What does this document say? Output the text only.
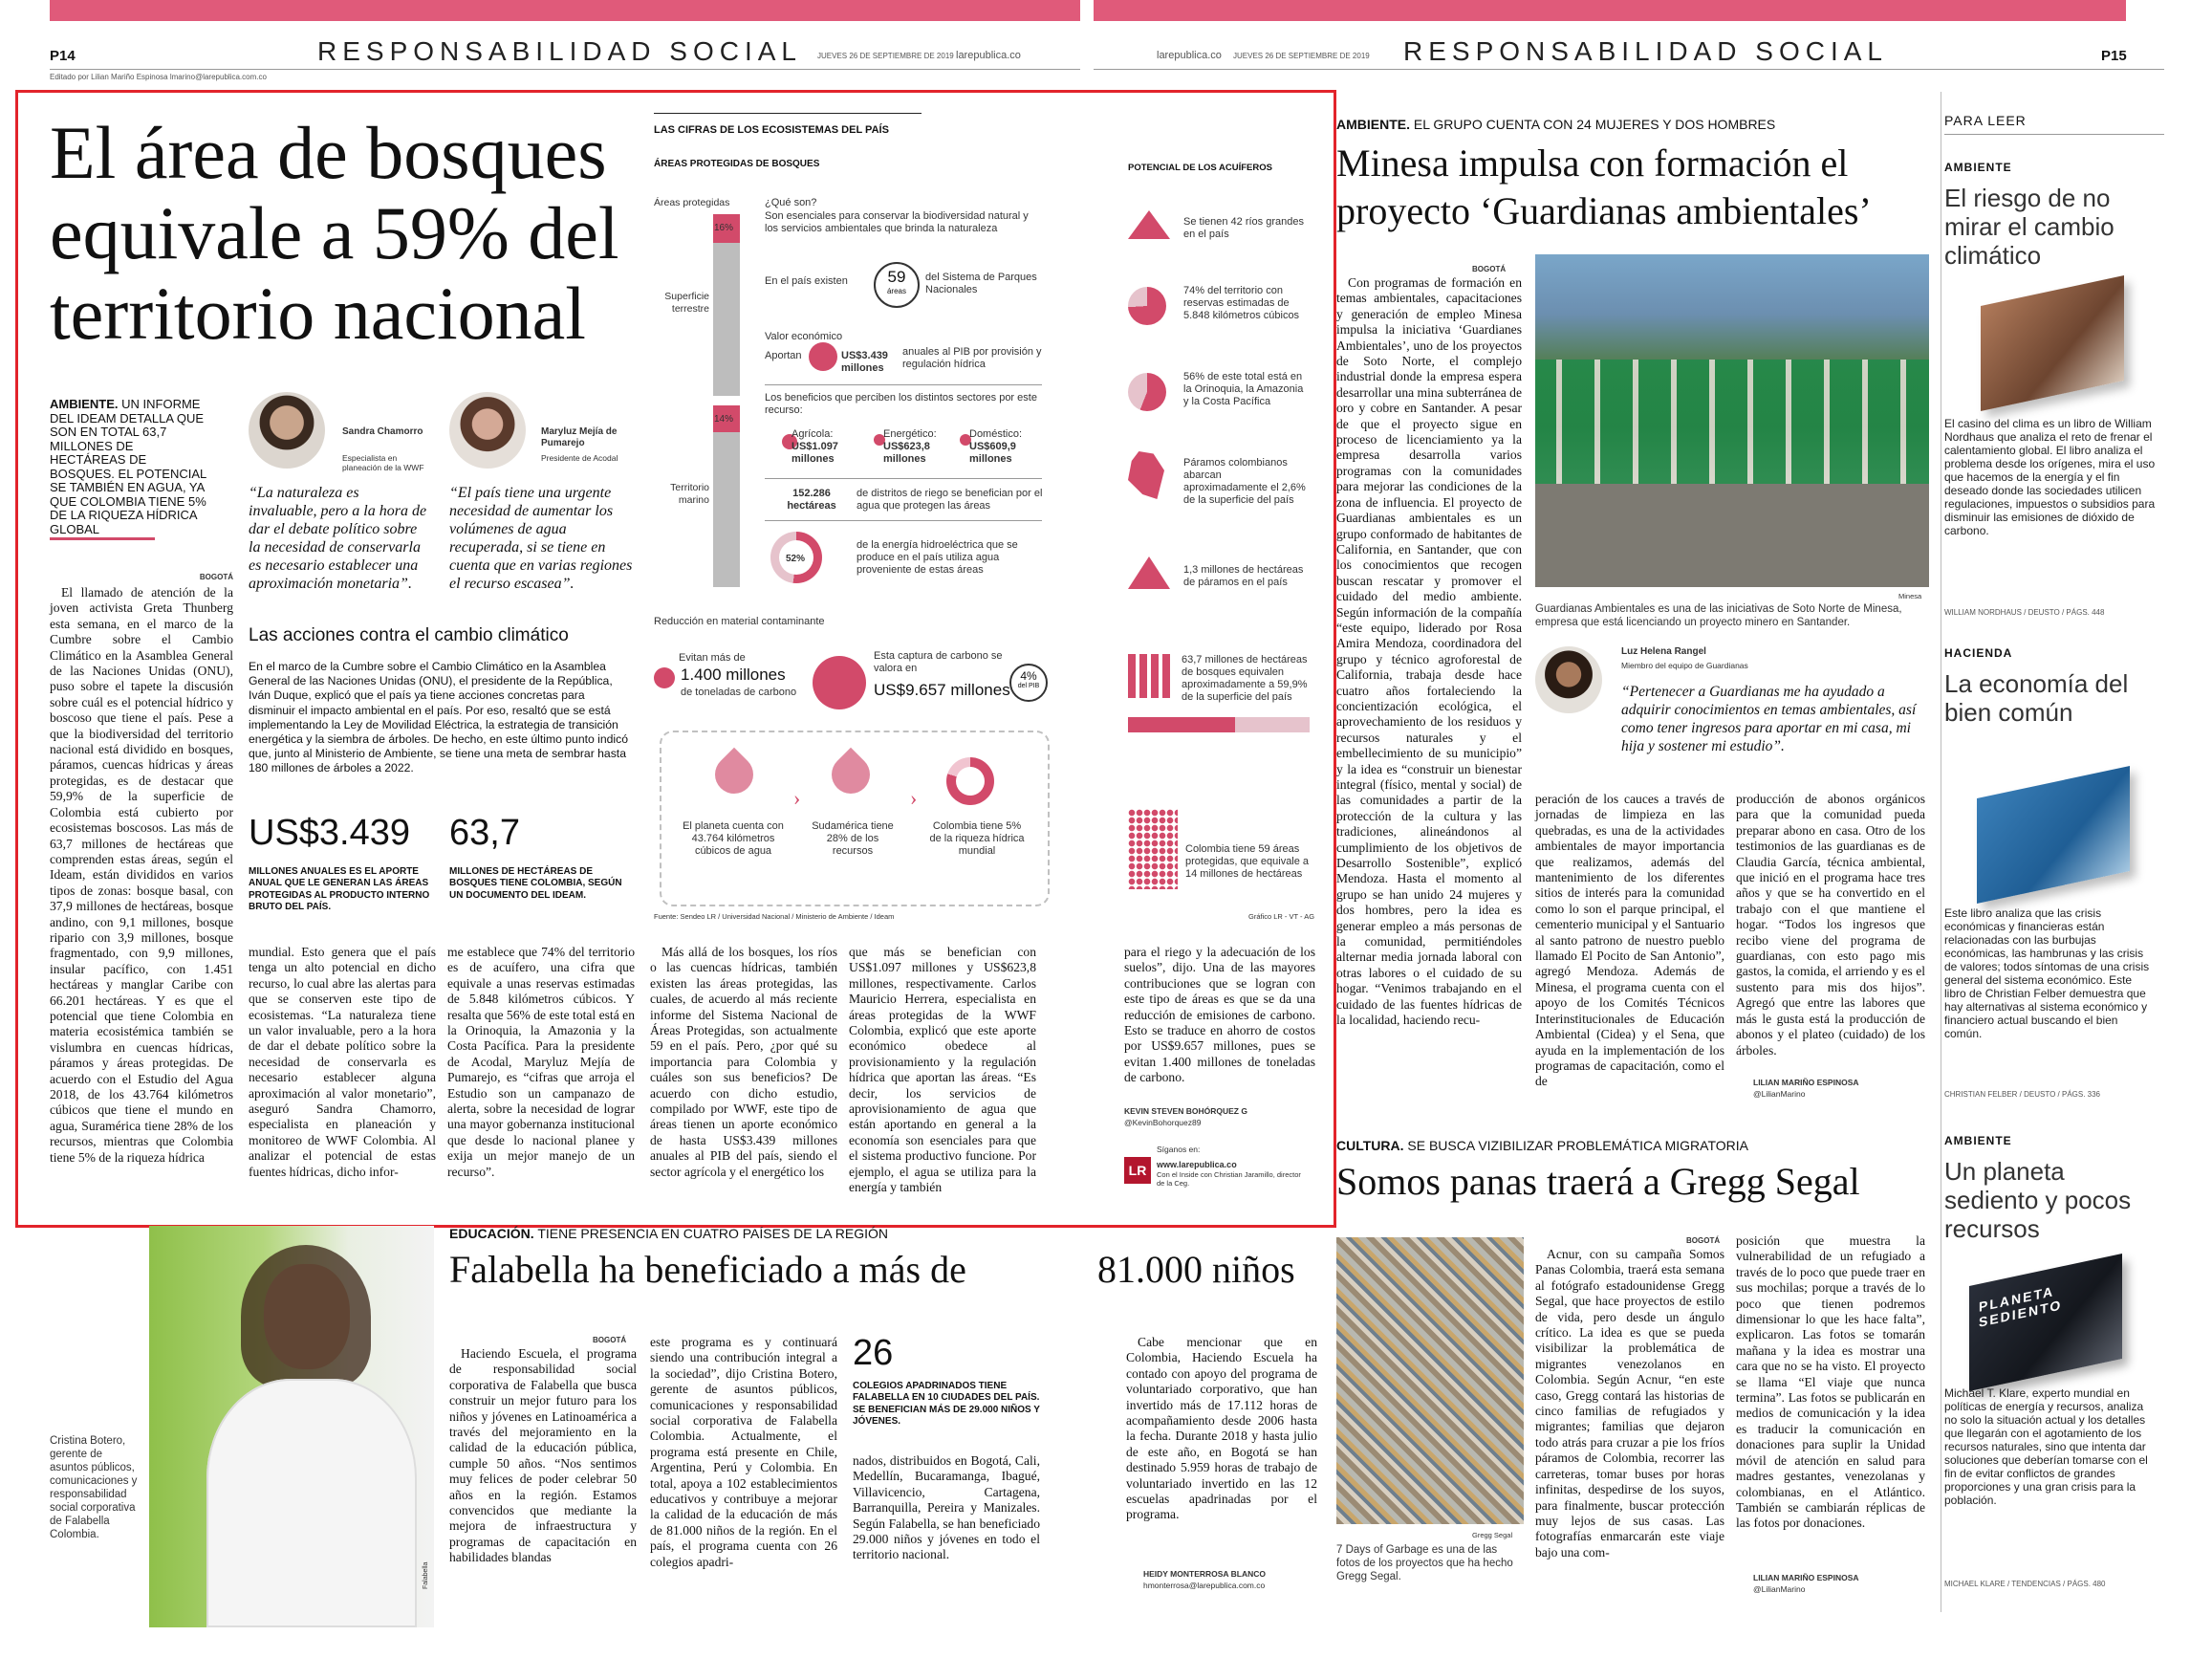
P14	RESPONSABILIDAD SOCIAL JUEVES 26 DE SEPTIEMBRE DE 2019 larepublica.co
Editado por Lilian Mariño Espinosa lmarino@larepublica.com.co
larepublica.co JUEVES 26 DE SEPTIEMBRE DE 2019 RESPONSABILIDAD SOCIAL	P15
El área de bosques
equivale a 59% del
territorio nacional
AMBIENTE. UN INFORME DEL IDEAM DETALLA QUE SON EN TOTAL 63,7 MILLONES DE HECTÁREAS DE BOSQUES. EL POTENCIAL SE TAMBIÉN EN AGUA, YA QUE COLOMBIA TIENE 5% DE LA RIQUEZA HÍDRICA GLOBAL
Sandra Chamorro
Especialista en planeación de la WWF
Maryluz Mejía de Pumarejo
Presidente de Acodal
“La naturaleza es invaluable, pero a la hora de dar el debate político sobre la necesidad de conservarla es necesario establecer una aproximación monetaria”.
“El país tiene una urgente necesidad de aumentar los volúmenes de agua recuperada, si se tiene en cuenta que en varias regiones el recurso escasea”.
BOGOTÁ

El llamado de atención de la joven activista Greta Thunberg esta semana, en el marco de la Cumbre sobre el Cambio Climático en la Asamblea General de las Naciones Unidas (ONU), puso sobre el tapete la discusión sobre cuál es el potencial hídrico y boscoso que tiene el país. Pese a que la biodiversidad del territorio nacional está dividido en bosques, páramos, cuencas hídricas y áreas protegidas, es de destacar que 59,9% de la superficie de Colombia está cubierto por ecosistemas boscosos. Las más de 63,7 millones de hectáreas que comprenden estas áreas, según el Ideam, están divididos en varios tipos de zonas: bosque basal, con 37,9 millones de hectáreas, bosque andino, con 9,1 millones, bosque ripario con 3,9 millones, bosque fragmentado, con 9,9 millones, insular pacífico, con 1.451 hectáreas y manglar Caribe con 66.201 hectáreas. Y es que el potencial que tiene Colombia en materia ecosistémica también se vislumbra en cuencas hídricas, páramos y áreas protegidas. De acuerdo con el Estudio del Agua 2018, de los 43.764 kilómetros cúbicos que tiene el mundo en agua, Suramérica tiene 28% de los recursos, mientras que Colombia tiene 5% de la riqueza hídrica

Las acciones contra el cambio climático
En el marco de la Cumbre sobre el Cambio Climático en la Asamblea General de las Naciones Unidas (ONU), el presidente de la República, Iván Duque, explicó que el país ya tiene acciones concretas para disminuir el impacto ambiental en el país. Por eso, resaltó que se está implementando la Ley de Movilidad Eléctrica, la estrategia de transición energética y la siembra de árboles. De hecho, en este último punto indicó que, junto al Ministerio de Ambiente, se tiene una meta de sembrar hasta 180 millones de árboles a 2022.
US$3.439
MILLONES ANUALES ES EL APORTE ANUAL QUE LE GENERAN LAS ÁREAS PROTEGIDAS AL PRODUCTO INTERNO BRUTO DEL PAÍS.
63,7
MILLONES DE HECTÁREAS DE BOSQUES TIENE COLOMBIA, SEGÚN UN DOCUMENTO DEL IDEAM.

mundial. Esto genera que el país tenga un alto potencial en dicho recurso, lo cual abre las alertas para que se conserven este tipo de ecosistemas. “La naturaleza tiene un valor invaluable, pero a la hora de dar el debate político sobre la necesidad de conservarla es necesario establecer alguna aproximación al valor monetario”, aseguró Sandra Chamorro, especialista en planeación y monitoreo de WWF Colombia. Al analizar el potencial de estas fuentes hídricas, dicho infor-

me establece que 74% del territorio es de acuífero, una cifra que equivale a unas reservas estimadas de 5.848 kilómetros cúbicos. Y resalta que 56% de este total está en la Orinoquia, la Amazonia y la Costa Pacífica. Para la presidente de Acodal, Maryluz Mejía de Pumarejo, es “cifras que arroja el Estudio son un campanazo de alerta, sobre la necesidad de lograr una mayor gobernanza institucional que desde lo nacional planee y exija un mejor manejo de un recurso”.

Más allá de los bosques, los ríos o las cuencas hídricas, también existen las áreas protegidas, las cuales, de acuerdo al más reciente informe del Sistema Nacional de Áreas Protegidas, son actualmente 59 en el país. Pero, ¿por qué su importancia para Colombia y cuáles son sus beneficios? De acuerdo con dicho estudio, compilado por WWF, este tipo de áreas tienen un aporte económico de hasta US$3.439 millones anuales al PIB del país, siendo el sector agrícola y el energético los

que más se benefician con US$1.097 millones y US$623,8 millones, respectivamente. Carlos Mauricio Herrera, especialista en áreas protegidas de la WWF Colombia, explicó que este aporte económico obedece al provisionamiento y la regulación hídrica que aportan las áreas. “Es decir, los servicios de aprovisionamiento de agua que están aportando en general a la economía son esenciales para que el sistema productivo funcione. Por ejemplo, el agua se utiliza para la energía y también

para el riego y la adecuación de los suelos”, dijo. Una de las mayores contribuciones que se logran con este tipo de áreas es que se da una reducción de emisiones de carbono. Esto se traduce en ahorro de costos por US$9.657 millones, pues se evitan 1.400 millones de toneladas de carbono.

KEVIN STEVEN BOHÓRQUEZ G
@KevinBohorquez89
Síganos en:
LR	www.larepublica.co
Con el Inside con Christian Jaramillo, director de la Ceg.
LAS CIFRAS DE LOS ECOSISTEMAS DEL PAÍS
ÁREAS PROTEGIDAS DE BOSQUES
Áreas protegidas
Superficie terrestre
Territorio marino
16%
14%
¿Qué son?
Son esenciales para conservar la biodiversidad natural y los servicios ambientales que brinda la naturaleza
En el país existen	59
áreas
del Sistema de Parques Nacionales
Valor económico
Aportan	US$3.439 millones
anuales al PIB por provisión y regulación hídrica
Los beneficios que perciben los distintos sectores por este recurso:
Agrícola:
US$1.097 millones
Energético:
US$623,8 millones
Doméstico:
US$609,9 millones
152.286 hectáreas
de distritos de riego se benefician por el agua que protegen las áreas
52%
de la energía hidroeléctrica que se produce en el país utiliza agua proveniente de estas áreas
Reducción en material contaminante
Evitan más de
1.400 millones
de toneladas de carbono
Esta captura de carbono se valora en
US$9.657 millones
4%
del PIB
El planeta cuenta con 43.764 kilómetros cúbicos de agua
›
Sudamérica tiene 28% de los recursos
›
Colombia tiene 5% de la riqueza hídrica mundial
Fuente: Sendeo LR / Universidad Nacional / Ministerio de Ambiente / Ideam
POTENCIAL DE LOS ACUÍFEROS
Se tienen 42 ríos grandes en el país
74% del territorio con reservas estimadas de 5.848 kilómetros cúbicos
56% de este total está en la Orinoquia, la Amazonia y la Costa Pacífica
Páramos colombianos abarcan aproximadamente el 2,6% de la superficie del país
1,3 millones de hectáreas de páramos en el país
63,7 millones de hectáreas de bosques equivalen aproximadamente a 59,9% de la superficie del país
Colombia tiene 59 áreas protegidas, que equivale a 14 millones de hectáreas
Gráfico LR - VT - AG
AMBIENTE. EL GRUPO CUENTA CON 24 MUJERES Y DOS HOMBRES
Minesa impulsa con formación el
proyecto ‘Guardianas ambientales’
BOGOTÁ

Con programas de formación en temas ambientales, capacitaciones y generación de empleo Minesa impulsa la iniciativa ‘Guardianes Ambientales’, uno de los proyectos de Soto Norte, el complejo industrial donde la empresa espera desarrollar una mina subterránea de oro y cobre en Santander. A pesar de que el proyecto sigue en proceso de licenciamiento ya la empresa desarrolla varios programas con la comunidades para mejorar las condiciones de la zona de influencia. El proyecto de Guardianas ambientales es un grupo conformado de habitantes de California, en Santander, que con los conocimientos que recogen buscan rescatar y promover el cuidado del medio ambiente. Según información de la compañía “este equipo, liderado por Rosa Amira Mendoza, coordinadora del grupo y técnico agroforestal de California, trabaja desde hace cuatro años fortaleciendo la concientización ecológica, el aprovechamiento de los residuos y recursos naturales y el embellecimiento de su municipio” y la idea es “construir un bienestar integral (físico, mental y social) de las comunidades a partir de la protección de la cultura y las tradiciones, alineándonos al cumplimiento de los objetivos de Desarrollo Sostenible”, explicó Mendoza. Hasta el momento al grupo se han unido 24 mujeres y dos hombres, pero la idea es generar empleo a más personas de la comunidad, permitiéndoles alternar media jornada laboral con otras labores o el cuidado de su hogar. “Venimos trabajando en el cuidado de las fuentes hídricas de la localidad, haciendo recu-

Minesa
Guardianas Ambientales es una de las iniciativas de Soto Norte de Minesa, empresa que está licenciando un proyecto minero en Santander.
Luz Helena Rangel
Miembro del equipo de Guardianas
“Pertenecer a Guardianas me ha ayudado a adquirir conocimientos en temas ambientales, así como tener ingresos para aportar en mi casa, mi hija y sostener mi estudio”.

peración de los cauces a través de jornadas de limpieza en las quebradas, es una de la actividades ambientales de mayor importancia que realizamos, además del mantenimiento de los diferentes sitios de interés para la comunidad como lo son el parque principal, el cementerio municipal y el Santuario al santo patrono de nuestro pueblo llamado El Pocito de San Antonio”, agregó Mendoza. Además de Minesa, el programa cuenta con el apoyo de los Comités Técnicos Interinstitucionales de Educación Ambiental (Cidea) y el Sena, que ayuda en la implementación de los programas de capacitación, como el de

producción de abonos orgánicos para que la comunidad pueda preparar abono en casa. Otro de los testimonios de las guardianas es de Claudia García, técnica ambiental, que inició en el programa hace tres años y que se ha convertido en el trabajo con el que mantiene el hogar. “Todos los ingresos que recibo viene del programa de guardianas, con esto pago mis gastos, la comida, el arriendo y es el sustento para mis dos hijos”. Agregó que entre las labores que más le gusta está la producción de abonos y el plateo (cuidado) de los árboles.

LILIAN MARIÑO ESPINOSA
@LilianMarino
PARA LEER
AMBIENTE
El riesgo de no mirar el cambio climático
El casino del clima es un libro de William Nordhaus que analiza el reto de frenar el calentamiento global. El libro analiza el problema desde los orígenes, mira el uso que hacemos de la energía y el fin deseado donde las sociedades utilicen regulaciones, impuestos o subsidios para disminuir las emisiones de dióxido de carbono.
WILLIAM NORDHAUS / DEUSTO / PÁGS. 448
HACIENDA
La economía del bien común
Este libro analiza que las crisis económicas y financieras están relacionadas con las burbujas económicas, las hambrunas y las crisis de valores; todos síntomas de una crisis general del sistema económico. Este libro de Christian Felber demuestra que hay alternativas al sistema económico y financiero actual buscando el bien común.
CHRISTIAN FELBER / DEUSTO / PÁGS. 336
AMBIENTE
Un planeta sediento y pocos recursos
PLANETA SEDIENTO
Michael T. Klare, experto mundial en políticas de energía y recursos, analiza no solo la situación actual y los detalles que llegarán con el agotamiento de los recursos naturales, sino que intenta dar soluciones que deberían tomarse con el fin de evitar conflictos de grandes proporciones y una gran crisis para la población.
MICHAEL KLARE / TENDENCIAS / PÁGS. 480
EDUCACIÓN. TIENE PRESENCIA EN CUATRO PAÍSES DE LA REGIÓN
Falabella ha beneficiado a más de	81.000 niños
Cristina Botero, gerente de asuntos públicos, comunicaciones y responsabilidad social corporativa de Falabella Colombia.
Falabella
BOGOTÁ

Haciendo Escuela, el programa de responsabilidad social corporativa de Falabella que busca construir un mejor futuro para los niños y jóvenes en Latinoamérica a través del mejoramiento en la calidad de la educación pública, cumple 50 años. “Nos sentimos muy felices de poder celebrar 50 años en la región. Estamos convencidos que mediante la mejora de infraestructura y programas de capacitación en habilidades blandas

este programa es y continuará siendo una contribución integral a la sociedad”, dijo Cristina Botero, gerente de asuntos públicos, comunicaciones y responsabilidad social corporativa de Falabella Colombia. Actualmente, el programa está presente en Chile, Argentina, Perú y Colombia. En total, apoya a 102 establecimientos educativos y contribuye a mejorar la calidad de la educación de más de 81.000 niños de la región. En el país, el programa cuenta con 26 colegios apadri-

26
COLEGIOS APADRINADOS TIENE FALABELLA EN 10 CIUDADES DEL PAÍS. SE BENEFICIAN MÁS DE 29.000 NIÑOS Y JÓVENES.

nados, distribuidos en Bogotá, Cali, Medellín, Bucaramanga, Ibagué, Villavicencio, Cartagena, Barranquilla, Pereira y Manizales. Según Falabella, se han beneficiado 29.000 niños y jóvenes en todo el territorio nacional.

Cabe mencionar que en Colombia, Haciendo Escuela ha contado con apoyo del programa de voluntariado corporativo, que han invertido más de 17.112 horas de acompañamiento desde 2006 hasta la fecha. Durante 2018 y hasta julio de este año, en Bogotá se han destinado 5.959 horas de trabajo de voluntariado invertido en las 12 escuelas apadrinadas por el programa.

HEIDY MONTERROSA BLANCO
hmonterrosa@larepublica.com.co
CULTURA. SE BUSCA VIZIBILIZAR PROBLEMÁTICA MIGRATORIA
Somos panas traerá a Gregg Segal
Gregg Segal
7 Days of Garbage es una de las fotos de los proyectos que ha hecho Gregg Segal.
BOGOTÁ

Acnur, con su campaña Somos Panas Colombia, traerá esta semana al fotógrafo estadounidense Gregg Segal, que hace proyectos de estilo de vida, pero desde un ángulo crítico. La idea es que se pueda visibilizar la problemática de migrantes venezolanos en Colombia. Según Acnur, “en este caso, Gregg contará las historias de cinco familias de refugiados y migrantes; familias que dejaron todo atrás para cruzar a pie los fríos páramos de Colombia, recorrer las carreteras, tomar buses por horas infinitas, despedirse de los suyos, para finalmente, buscar protección muy lejos de sus casas. Las fotografías enmarcarán este viaje bajo una com-

posición que muestra la vulnerabilidad de un refugiado a través de lo poco que puede traer en sus mochilas; porque a través de lo poco que tienen podremos dimensionar lo que les hace falta”, explicaron. Las fotos se tomarán mañana y la idea es mostrar una cara que no se ha visto. El proyecto se llama “El viaje que nunca termina”. Las fotos se publicarán en medios de comunicación y la idea es traducir la comunicación en donaciones para suplir la Unidad móvil de atención en salud para madres gestantes, venezolanas y colombianas, en el Atlántico. También se cambiarán réplicas de las fotos por donaciones.

LILIAN MARIÑO ESPINOSA
@LilianMarino
